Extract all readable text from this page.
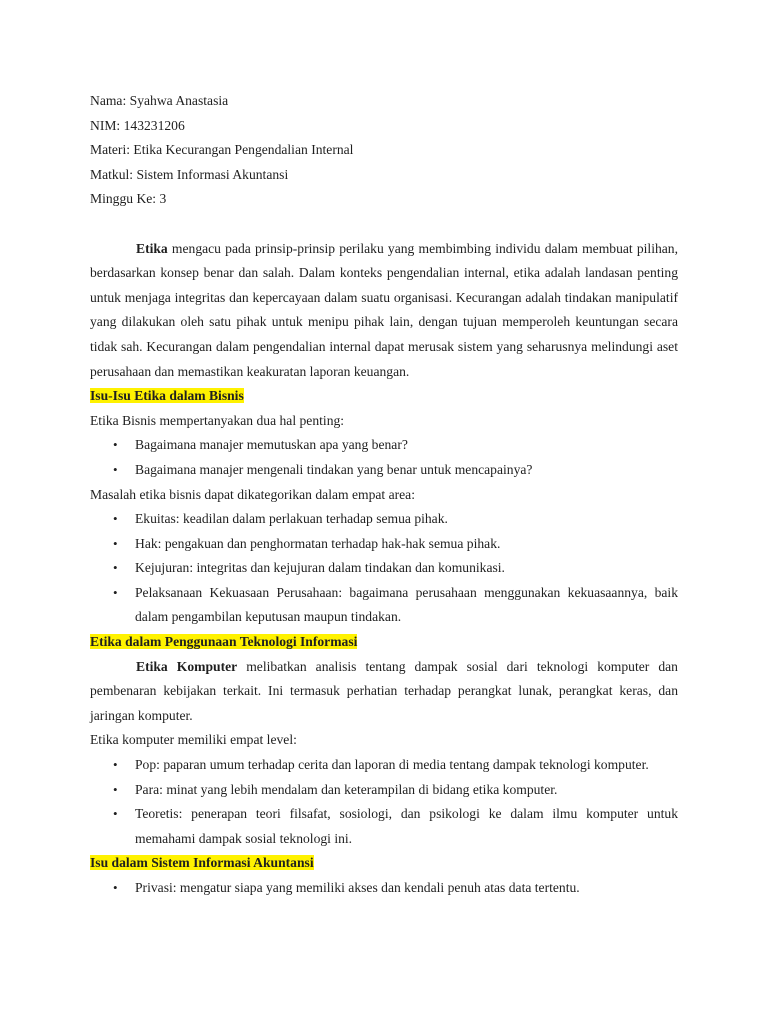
Nama: Syahwa Anastasia
NIM: 143231206
Materi: Etika Kecurangan Pengendalian Internal
Matkul: Sistem Informasi Akuntansi
Minggu Ke: 3

Etika mengacu pada prinsip-prinsip perilaku yang membimbing individu dalam membuat pilihan, berdasarkan konsep benar dan salah. Dalam konteks pengendalian internal, etika adalah landasan penting untuk menjaga integritas dan kepercayaan dalam suatu organisasi. Kecurangan adalah tindakan manipulatif yang dilakukan oleh satu pihak untuk menipu pihak lain, dengan tujuan memperoleh keuntungan secara tidak sah. Kecurangan dalam pengendalian internal dapat merusak sistem yang seharusnya melindungi aset perusahaan dan memastikan keakuratan laporan keuangan.

Isu-Isu Etika dalam Bisnis

Etika Bisnis mempertanyakan dua hal penting:

• Bagaimana manajer memutuskan apa yang benar?
• Bagaimana manajer mengenali tindakan yang benar untuk mencapainya?

Masalah etika bisnis dapat dikategorikan dalam empat area:

• Ekuitas: keadilan dalam perlakuan terhadap semua pihak.
• Hak: pengakuan dan penghormatan terhadap hak-hak semua pihak.
• Kejujuran: integritas dan kejujuran dalam tindakan dan komunikasi.
• Pelaksanaan Kekuasaan Perusahaan: bagaimana perusahaan menggunakan kekuasaannya, baik dalam pengambilan keputusan maupun tindakan.

Etika dalam Penggunaan Teknologi Informasi

Etika Komputer melibatkan analisis tentang dampak sosial dari teknologi komputer dan pembenaran kebijakan terkait. Ini termasuk perhatian terhadap perangkat lunak, perangkat keras, dan jaringan komputer.

Etika komputer memiliki empat level:

• Pop: paparan umum terhadap cerita dan laporan di media tentang dampak teknologi komputer.
• Para: minat yang lebih mendalam dan keterampilan di bidang etika komputer.
• Teoretis: penerapan teori filsafat, sosiologi, dan psikologi ke dalam ilmu komputer untuk memahami dampak sosial teknologi ini.

Isu dalam Sistem Informasi Akuntansi

• Privasi: mengatur siapa yang memiliki akses dan kendali penuh atas data tertentu.
